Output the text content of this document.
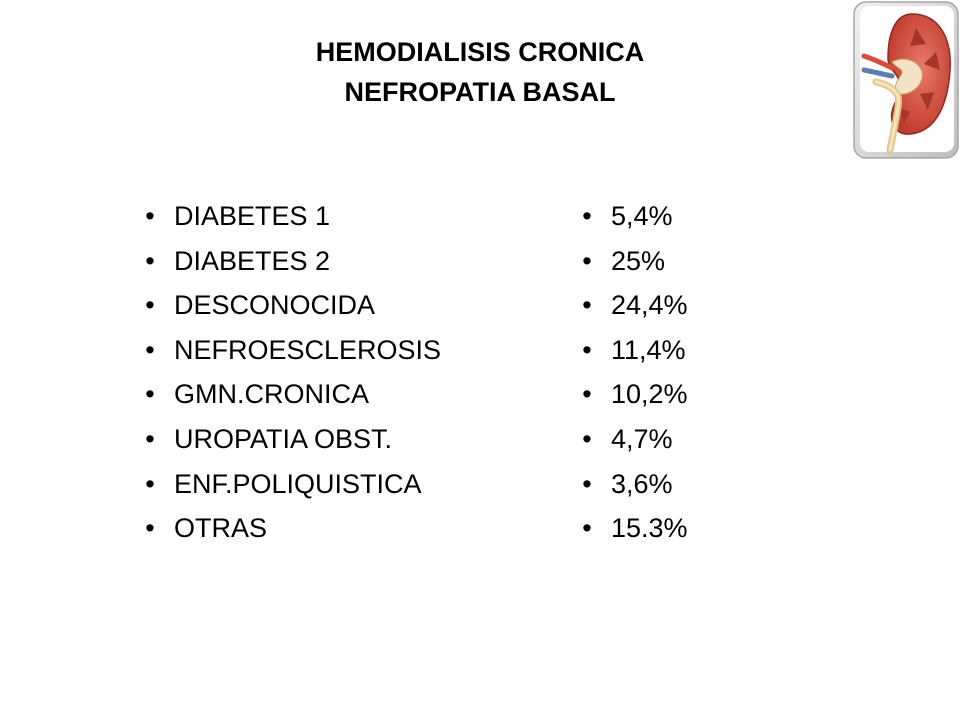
HEMODIALISIS CRONICA
NEFROPATIA BASAL
• DIABETES 1
• DIABETES 2
• DESCONOCIDA
• NEFROESCLEROSIS
• GMN.CRONICA
• UROPATIA OBST.
• ENF.POLIQUISTICA
• OTRAS
• 5,4%
• 25%
• 24,4%
• 11,4%
• 10,2%
• 4,7%
• 3,6%
• 15.3%
